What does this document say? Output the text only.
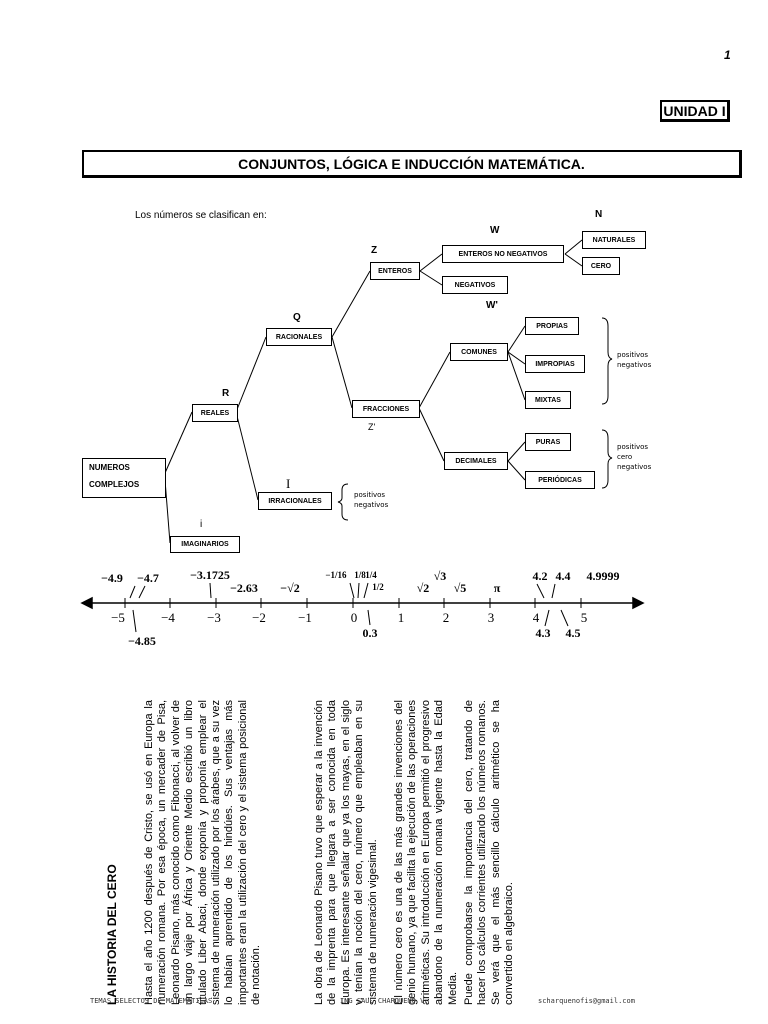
1
UNIDAD I
CONJUNTOS, LÓGICA E INDUCCIÓN MATEMÁTICA.
Los números se clasifican en:
NUMEROS
COMPLEJOS
REALES
IMAGINARIOS
RACIONALES
IRRACIONALES
ENTEROS
FRACCIONES
ENTEROS NO NEGATIVOS
NEGATIVOS
NATURALES
CERO
COMUNES
DECIMALES
PROPIAS
IMPROPIAS
MIXTAS
PURAS
PERIÓDICAS
R
i
Q
I
Z
Z'
W
W'
N
positivos
negativos
positivos
negativos
positivos
cero
negativos
−5	−4 −3 −2 −1	0	1	2	3	4	5
−4.9 −4.7	−3.1725
−2.63 −√2
−1/16 1/8 1/4
1/2	√2
√3
√5 π
4.2 4.4 4.9999
−4.85
0.3	4.3 4.5
LA HISTORIA DEL CERO Hasta el año 1200 después de Cristo, se usó en Europa la numeración romana. Por esa época, un mercader de Pisa, Leonardo Pisano, más conocido como Fibonacci, al volver de un largo viaje por África y Oriente Medio escribió un libro titulado Liber Abaci, donde exponía y proponía emplear el sistema de numeración utilizado por los árabes, que a su vez lo habían aprendido de los hindúes. Sus ventajas más importantes eran la utilización del cero y el sistema posicional de notación.	La obra de Leonardo Pisano tuvo que esperar a la invención de la imprenta para que llegara a ser conocida en toda Europa. Es interesante señalar que ya los mayas, en el siglo v, tenían la noción del cero, número que empleaban en su sistema de numeración vigesimal. El número cero es una de las más grandes invenciones del genio humano, ya que facilita la ejecución de las operaciones aritméticas. Su introducción en Europa permitió el progresivo abandono de la numeración romana vigente hasta la Edad Media. Puede comprobarse la importancia del cero, tratando de hacer los cálculos corrientes utilizando los números romanos. Se verá que el más sencillo cálculo aritmético se ha convertido en algebraico.
TEMAS SELECTOS DE MATEMATICAS	ING SAUL CHARQUEÑO V.	scharquenofis@gmail.com
